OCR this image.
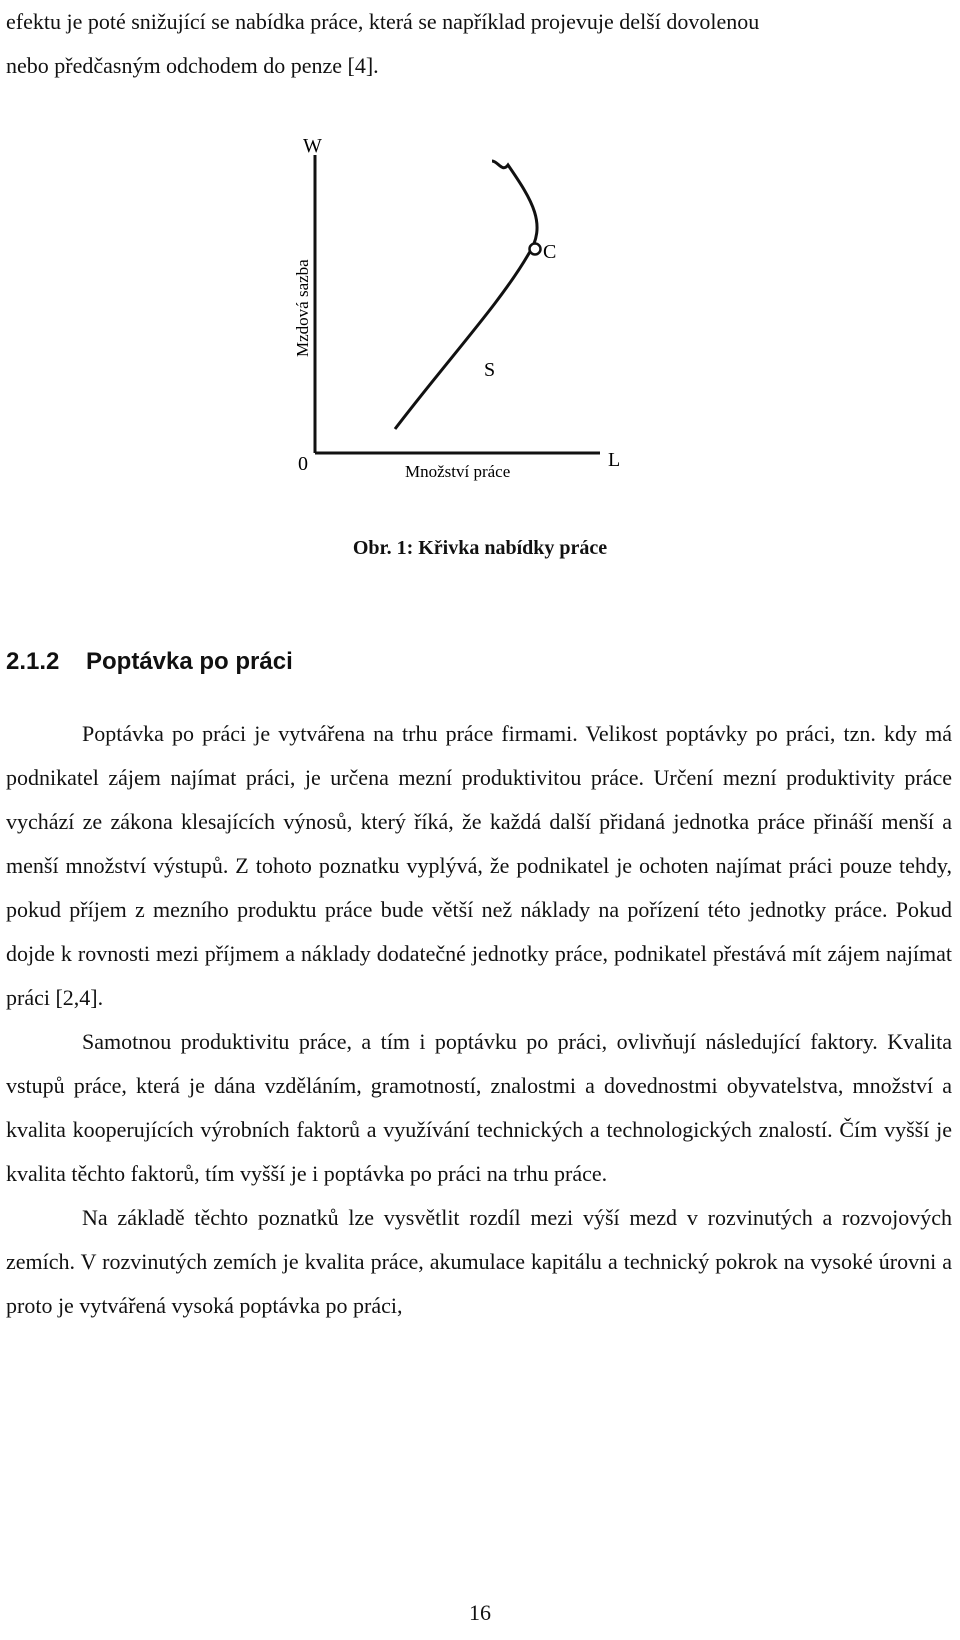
efektu je poté snižující se nabídka práce, která se například projevuje delší dovolenou

nebo předčasným odchodem do penze [4].

W
Mzdová sazba
0	L
Množství práce
S
C
Obr. 1: Křivka nabídky práce
2.1.2 Poptávka po práci

Poptávka po práci je vytvářena na trhu práce firmami. Velikost poptávky po práci, tzn. kdy má podnikatel zájem najímat práci, je určena mezní produktivitou práce. Určení mezní produktivity práce vychází ze zákona klesajících výnosů, který říká, že každá další přidaná jednotka práce přináší menší a menší množství výstupů. Z tohoto poznatku vyplývá, že podnikatel je ochoten najímat práci pouze tehdy, pokud příjem z mezního produktu práce bude větší než náklady na pořízení této jednotky práce. Pokud dojde k rovnosti mezi příjmem a náklady dodatečné jednotky práce, podnikatel přestává mít zájem najímat práci [2,4].

Samotnou produktivitu práce, a tím i poptávku po práci, ovlivňují následující faktory. Kvalita vstupů práce, která je dána vzděláním, gramotností, znalostmi a dovednostmi obyvatelstva, množství a kvalita kooperujících výrobních faktorů a využívání technických a technologických znalostí. Čím vyšší je kvalita těchto faktorů, tím vyšší je i poptávka po práci na trhu práce.

Na základě těchto poznatků lze vysvětlit rozdíl mezi výší mezd v rozvinutých a rozvojových zemích. V rozvinutých zemích je kvalita práce, akumulace kapitálu a technický pokrok na vysoké úrovni a proto je vytvářená vysoká poptávka po práci,

16
